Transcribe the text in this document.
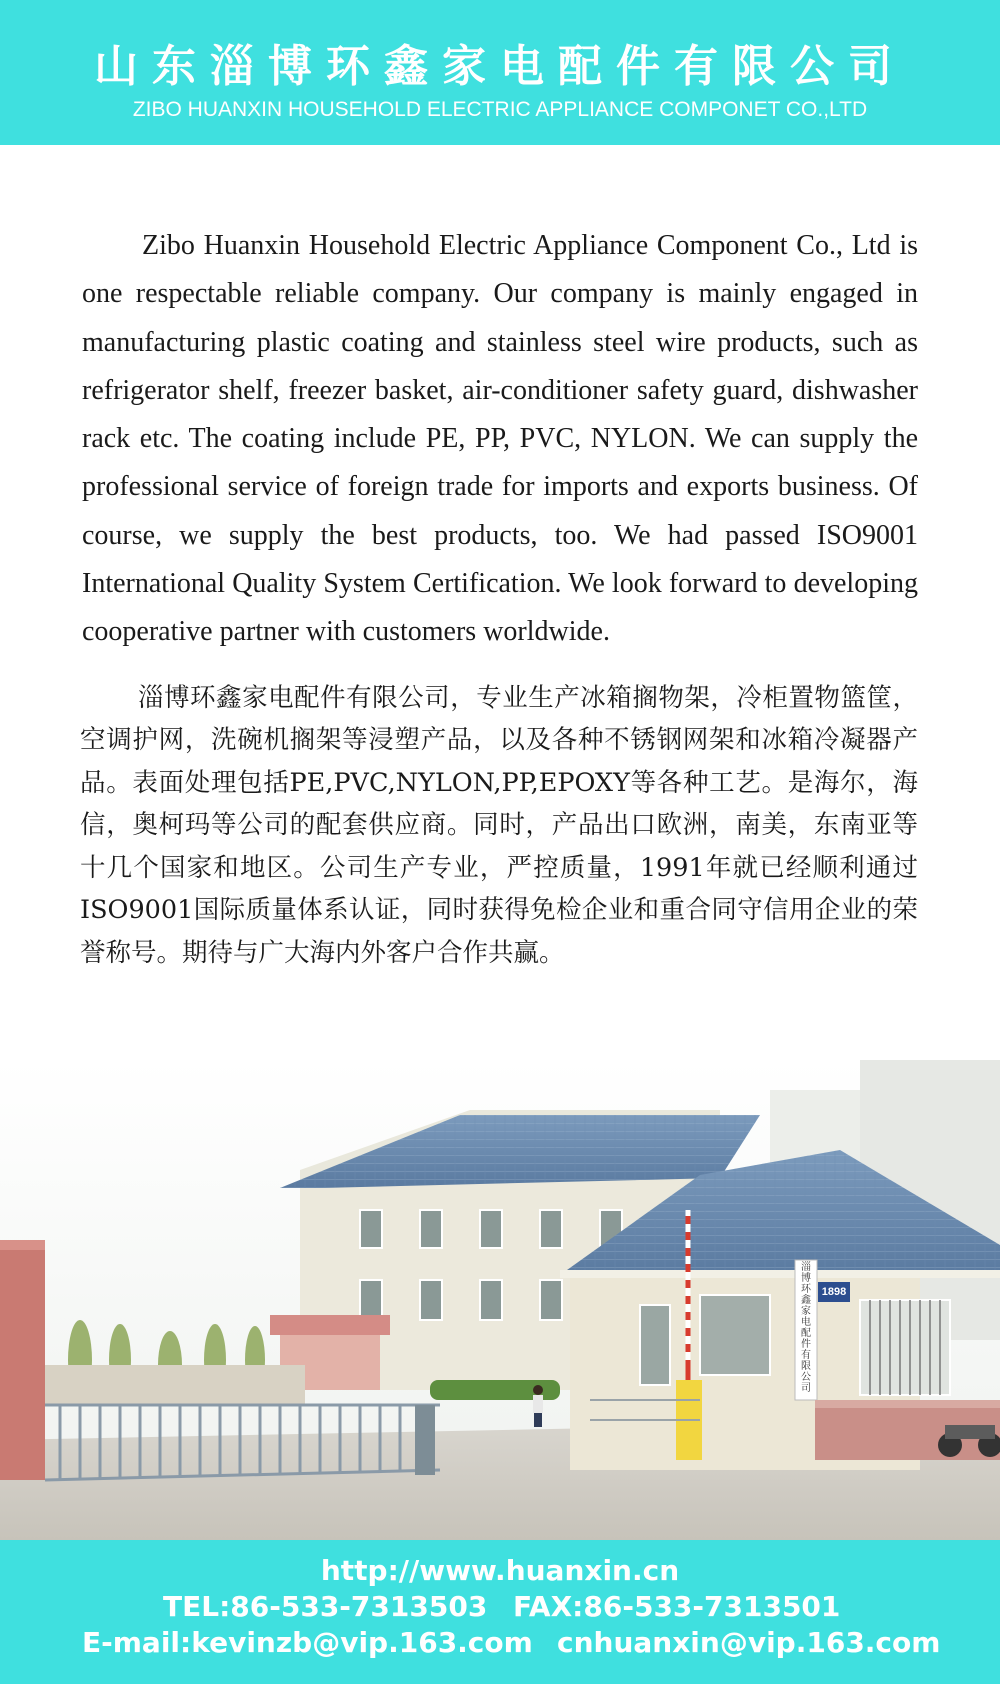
山东淄博环鑫家电配件有限公司
ZIBO HUANXIN HOUSEHOLD ELECTRIC APPLIANCE COMPONET CO.,LTD

Zibo Huanxin Household Electric Appliance Component Co., Ltd is one respectable reliable company. Our company is mainly engaged in manufacturing plastic coating and stainless steel wire products, such as refrigerator shelf, freezer basket, air-conditioner safety guard, dishwasher rack etc. The coating include PE, PP, PVC, NYLON. We can supply the professional service of foreign trade for imports and exports business. Of course, we supply the best products, too. We had passed ISO9001 International Quality System Certification. We look forward to developing cooperative partner with customers worldwide.

淄博环鑫家电配件有限公司，专业生产冰箱搁物架，冷柜置物篮筐，空调护网，洗碗机搁架等浸塑产品，以及各种不锈钢网架和冰箱冷凝器产品。表面处理包括PE,PVC,NYLON,PP,EPOXY等各种工艺。是海尔，海信，奥柯玛等公司的配套供应商。同时，产品出口欧洲，南美，东南亚等十几个国家和地区。公司生产专业，严控质量，1991年就已经顺利通过ISO9001国际质量体系认证，同时获得免检企业和重合同守信用企业的荣誉称号。期待与广大海内外客户合作共赢。

淄博环鑫家电配件有限公司
1898
http://www.huanxin.cn
TEL:86-533-7313503 FAX:86-533-7313501
E-mail:kevinzb@vip.163.com cnhuanxin@vip.163.com
